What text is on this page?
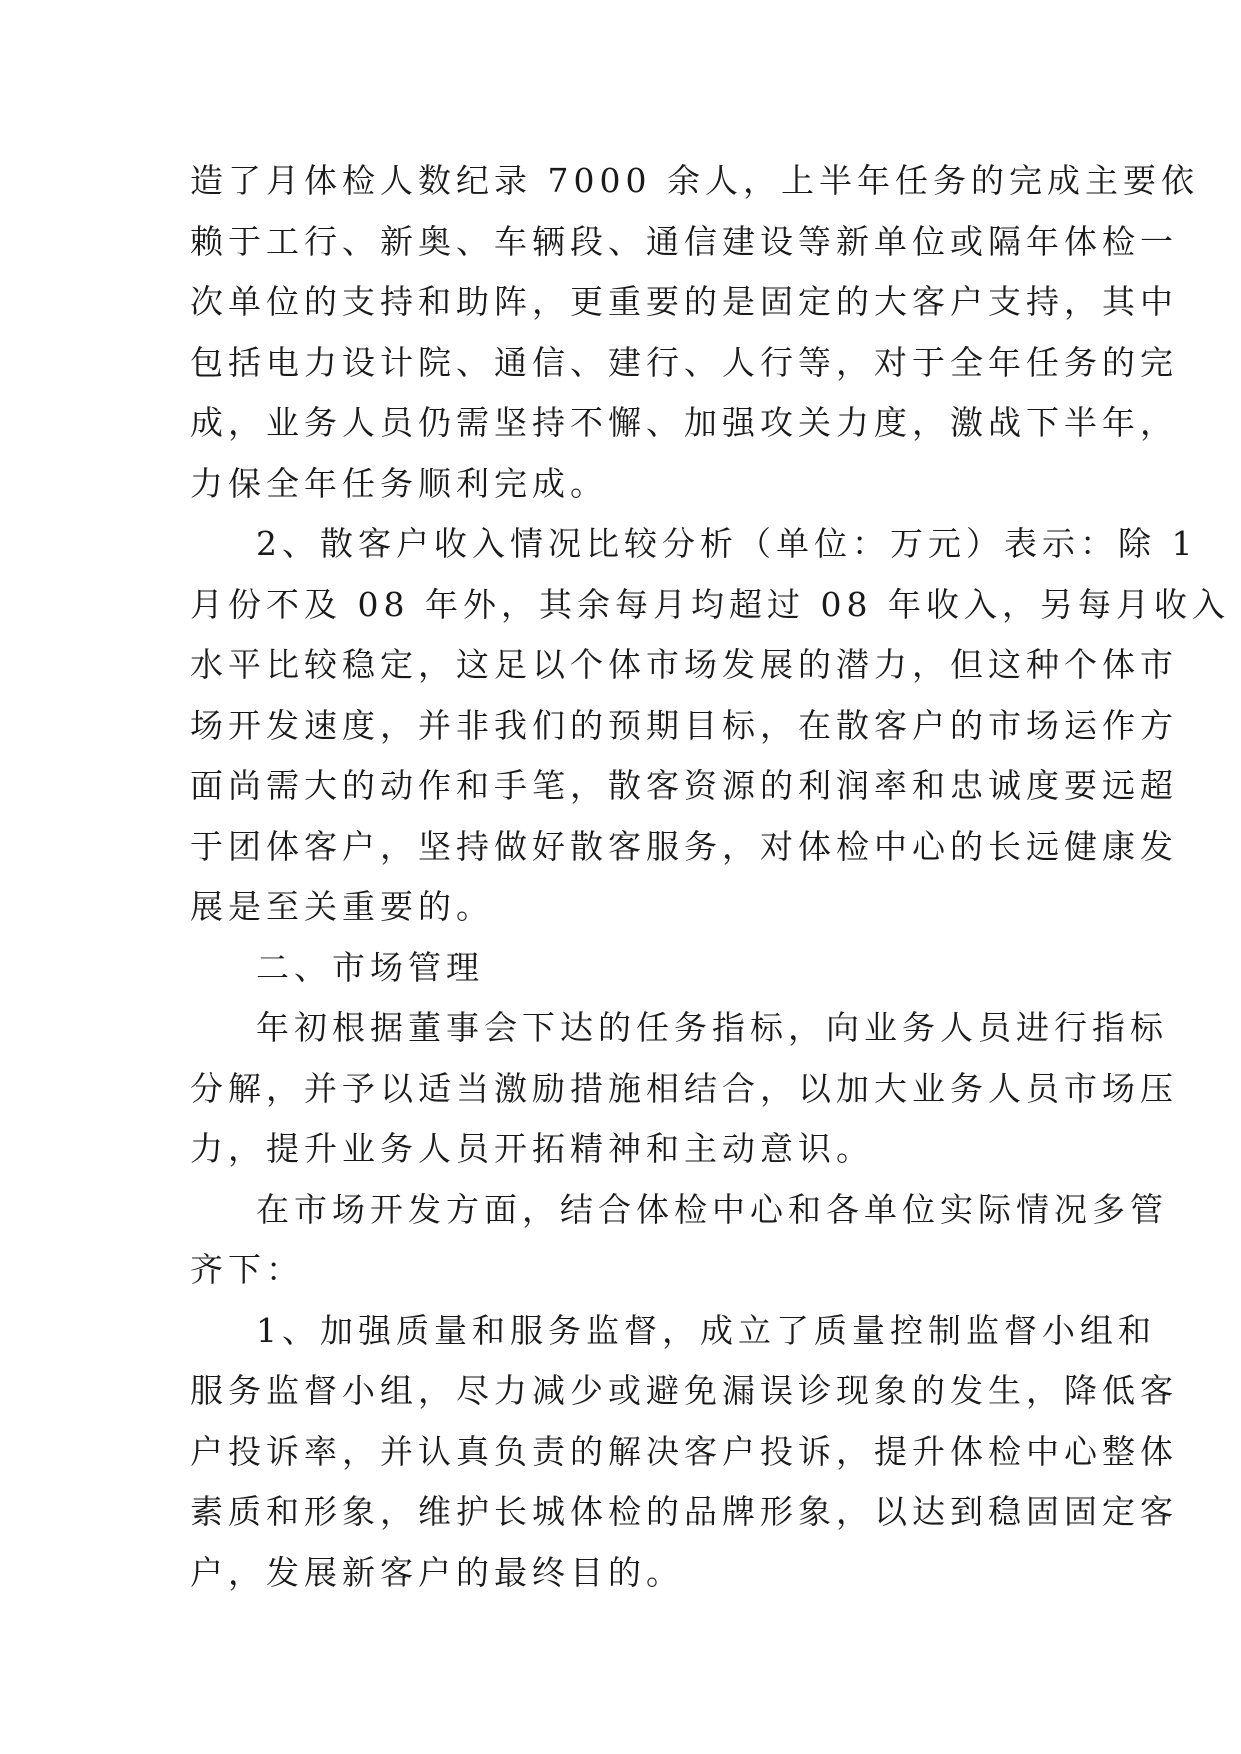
造了月体检人数纪录 7000 余人，上半年任务的完成主要依
赖于工行、新奥、车辆段、通信建设等新单位或隔年体检一
次单位的支持和助阵，更重要的是固定的大客户支持，其中
包括电力设计院、通信、建行、人行等，对于全年任务的完
成，业务人员仍需坚持不懈、加强攻关力度，激战下半年，
力保全年任务顺利完成。
2、散客户收入情况比较分析（单位：万元）表示：除 1
月份不及 08 年外，其余每月均超过 08 年收入，另每月收入
水平比较稳定，这足以个体市场发展的潜力，但这种个体市
场开发速度，并非我们的预期目标，在散客户的市场运作方
面尚需大的动作和手笔，散客资源的利润率和忠诚度要远超
于团体客户，坚持做好散客服务，对体检中心的长远健康发
展是至关重要的。
二、市场管理
年初根据董事会下达的任务指标，向业务人员进行指标
分解，并予以适当激励措施相结合，以加大业务人员市场压
力，提升业务人员开拓精神和主动意识。
在市场开发方面，结合体检中心和各单位实际情况多管
齐下：
1、加强质量和服务监督，成立了质量控制监督小组和
服务监督小组，尽力减少或避免漏误诊现象的发生，降低客
户投诉率，并认真负责的解决客户投诉，提升体检中心整体
素质和形象，维护长城体检的品牌形象，以达到稳固固定客
户，发展新客户的最终目的。
